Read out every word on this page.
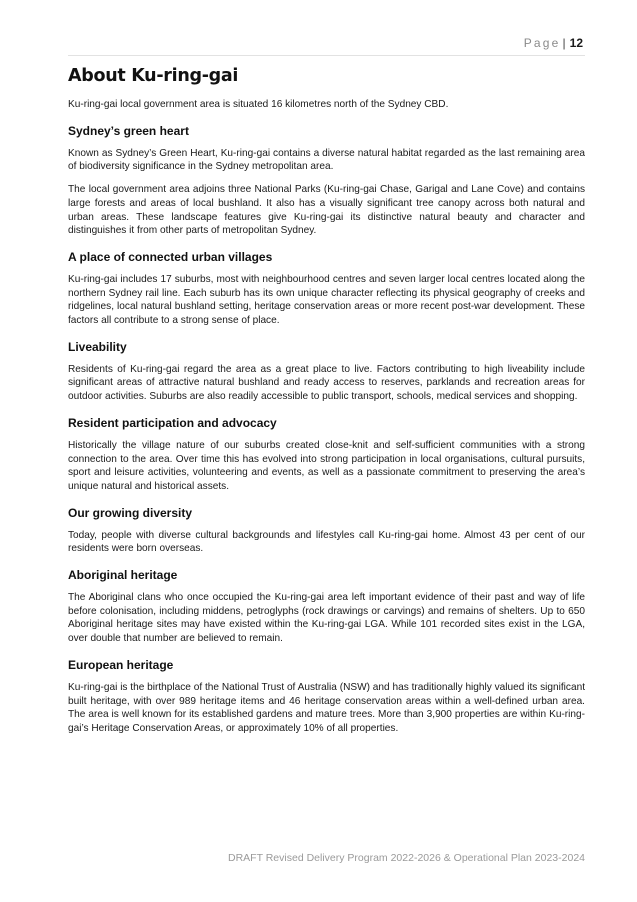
Page | 12
About Ku-ring-gai

Ku-ring-gai local government area is situated 16 kilometres north of the Sydney CBD.

Sydney’s green heart

Known as Sydney’s Green Heart, Ku-ring-gai contains a diverse natural habitat regarded as the last remaining area of biodiversity significance in the Sydney metropolitan area.

The local government area adjoins three National Parks (Ku-ring-gai Chase, Garigal and Lane Cove) and contains large forests and areas of local bushland. It also has a visually significant tree canopy across both natural and urban areas. These landscape features give Ku-ring-gai its distinctive natural beauty and character and distinguishes it from other parts of metropolitan Sydney.

A place of connected urban villages

Ku-ring-gai includes 17 suburbs, most with neighbourhood centres and seven larger local centres located along the northern Sydney rail line. Each suburb has its own unique character reflecting its physical geography of creeks and ridgelines, local natural bushland setting, heritage conservation areas or more recent post-war development. These factors all contribute to a strong sense of place.

Liveability

Residents of Ku-ring-gai regard the area as a great place to live. Factors contributing to high liveability include significant areas of attractive natural bushland and ready access to reserves, parklands and recreation areas for outdoor activities. Suburbs are also readily accessible to public transport, schools, medical services and shopping.

Resident participation and advocacy

Historically the village nature of our suburbs created close-knit and self-sufficient communities with a strong connection to the area. Over time this has evolved into strong participation in local organisations, cultural pursuits, sport and leisure activities, volunteering and events, as well as a passionate commitment to preserving the area’s unique natural and historical assets.

Our growing diversity

Today, people with diverse cultural backgrounds and lifestyles call Ku-ring-gai home. Almost 43 per cent of our residents were born overseas.

Aboriginal heritage

The Aboriginal clans who once occupied the Ku-ring-gai area left important evidence of their past and way of life before colonisation, including middens, petroglyphs (rock drawings or carvings) and remains of shelters. Up to 650 Aboriginal heritage sites may have existed within the Ku-ring-gai LGA. While 101 recorded sites exist in the LGA, over double that number are believed to remain.

European heritage

Ku-ring-gai is the birthplace of the National Trust of Australia (NSW) and has traditionally highly valued its significant built heritage, with over 989 heritage items and 46 heritage conservation areas within a well-defined urban area. The area is well known for its established gardens and mature trees. More than 3,900 properties are within Ku-ring-gai’s Heritage Conservation Areas, or approximately 10% of all properties.

DRAFT Revised Delivery Program 2022-2026 & Operational Plan 2023-2024
